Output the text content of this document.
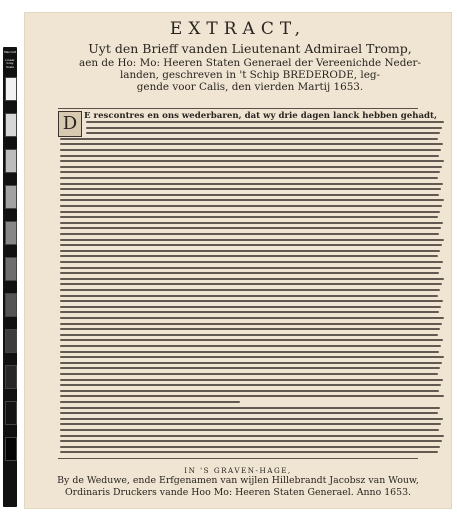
Marriott
Linear Gray Scale
EXTRACT,
Uyt den Brieff vanden Lieutenant Admirael Tromp,
aen de Ho: Mo: Heeren Staten Generael der Vereenichde Neder-
landen, geschreven in 't Schip BREDERODE, leg-
gende voor Calis, den vierden Martij 1653.
D E rescontres en ons wederbaren, dat wy drie dagen lanck hebben gehadt,
IN 'S GRAVEN-HAGE,
By de Weduwe, ende Erfgenamen van wijlen Hillebrandt Jacobsz van Wouw,
Ordinaris Druckers vande Hoo Mo: Heeren Staten Generael. Anno 1653.
